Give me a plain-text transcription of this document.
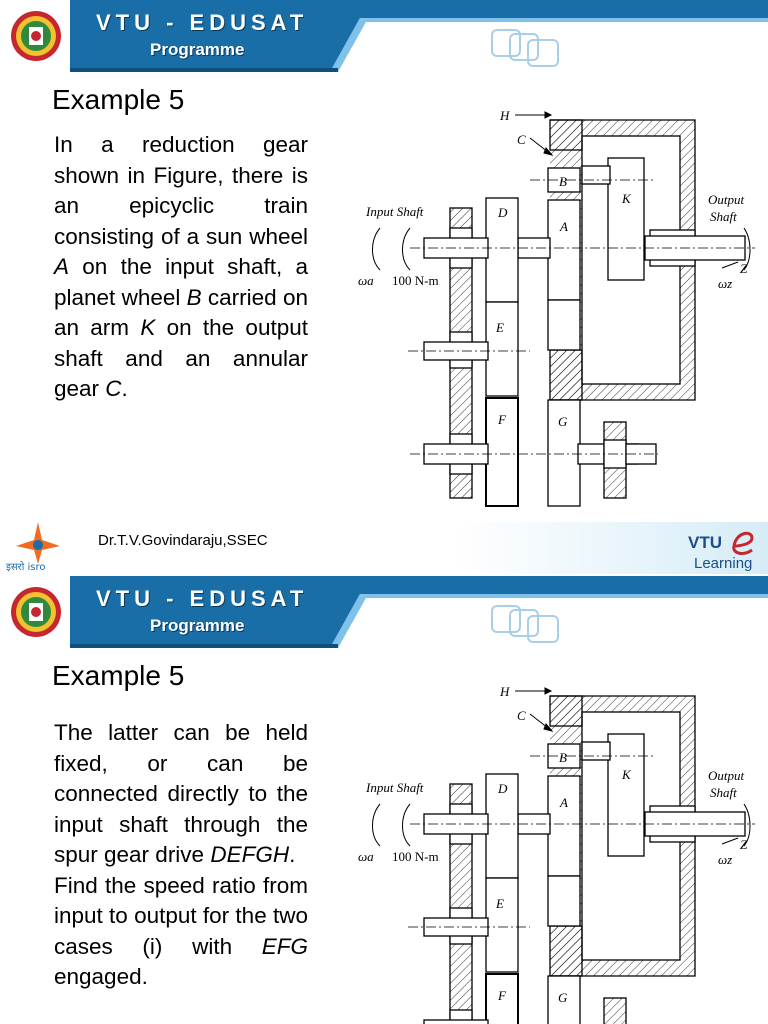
VTU - EDUSAT
Programme
Example 5

In a reduction gear shown in Figure, there is an epicyclic train consisting of a sun wheel A on the input shaft, a planet wheel B carried on an arm K on the output shaft and an annular gear C.

H
C
B
K
A
D
E
F	G
Input Shaft
Output
Shaft
Z
ωa	ωz
100 N-m
इसरो isro
Dr.T.V.Govindaraju,SSEC	VTU
Learning
VTU - EDUSAT
Programme
Example 5

The latter can be held fixed, or can be connected directly to the input shaft through the spur gear drive DEFGH.

Find the speed ratio from input to output for the two cases (i) with EFG engaged.

H
C
B
K
A
D
E
F	G
Input Shaft
Output
Shaft
Z
ωa	ωz
100 N-m
